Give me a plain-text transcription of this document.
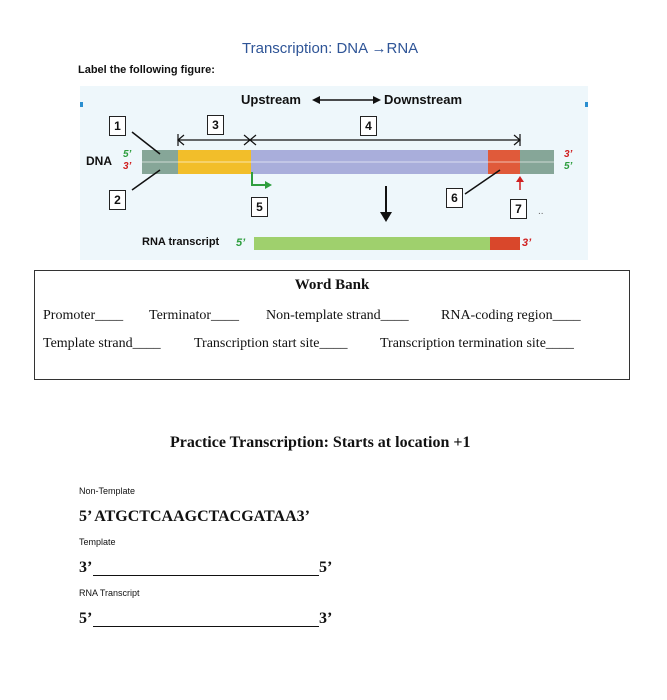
Transcription: DNA →RNA
Label the following figure:
..
Upstream	Downstream
1
2
3	4
5
6
7
DNA 5’
3’
3’
5’
RNA transcript 5’	3’
Word Bank
Promoter____ Terminator____ Non-template strand____ RNA-coding region____
Template strand____ Transcription start site____ Transcription termination site____
Practice Transcription: Starts at location +1
Non-Template
5’ ATGCTCAAGCTACGATAA3’
Template
3’	5’
RNA Transcript
5’	3’
